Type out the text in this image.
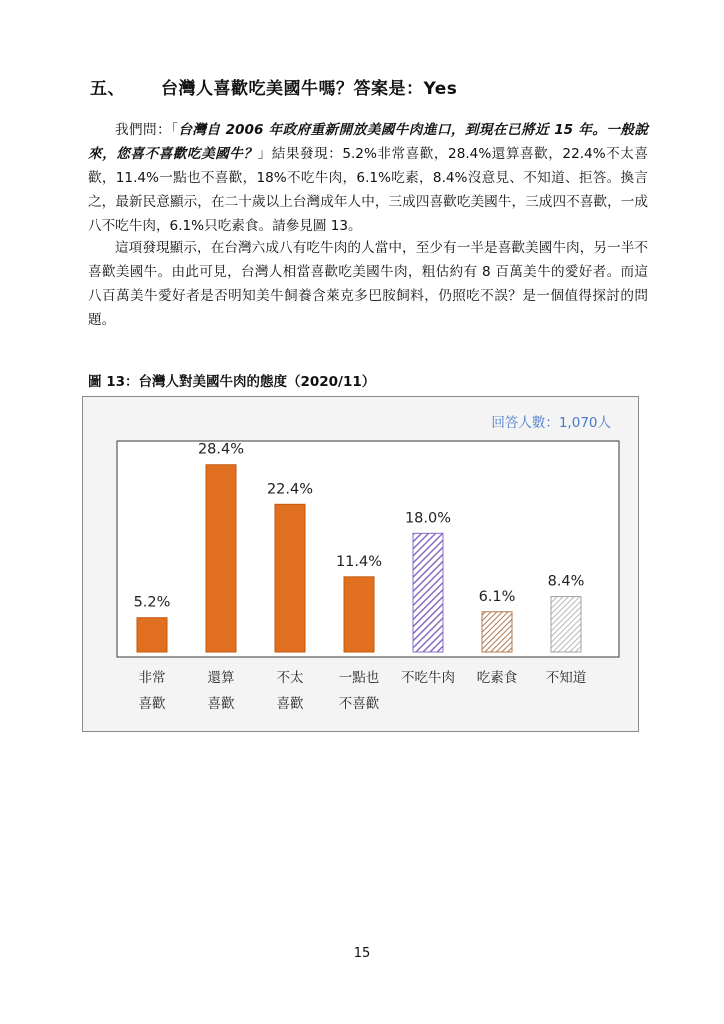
五、 台灣人喜歡吃美國牛嗎？答案是：Yes

我們問：「台灣自 2006 年政府重新開放美國牛肉進口，到現在已將近 15 年。一般說來，您喜不喜歡吃美國牛？」結果發現：5.2%非常喜歡，28.4%還算喜歡，22.4%不太喜歡，11.4%一點也不喜歡，18%不吃牛肉，6.1%吃素，8.4%沒意見、不知道、拒答。換言之，最新民意顯示，在二十歲以上台灣成年人中，三成四喜歡吃美國牛，三成四不喜歡，一成八不吃牛肉，6.1%只吃素食。請參見圖 13。

這項發現顯示，在台灣六成八有吃牛肉的人當中，至少有一半是喜歡美國牛肉，另一半不喜歡美國牛。由此可見，台灣人相當喜歡吃美國牛肉，粗估約有 8 百萬美牛的愛好者。而這八百萬美牛愛好者是否明知美牛飼養含萊克多巴胺飼料，仍照吃不誤？是一個值得探討的問題。

圖 13：台灣人對美國牛肉的態度（2020/11）

回答人數：1,070人
5.2%
非常
喜歡
28.4%
還算
喜歡
22.4%
不太
喜歡
11.4%
一點也
不喜歡
18.0%
不吃牛肉
6.1%
吃素食
8.4%
不知道

15
